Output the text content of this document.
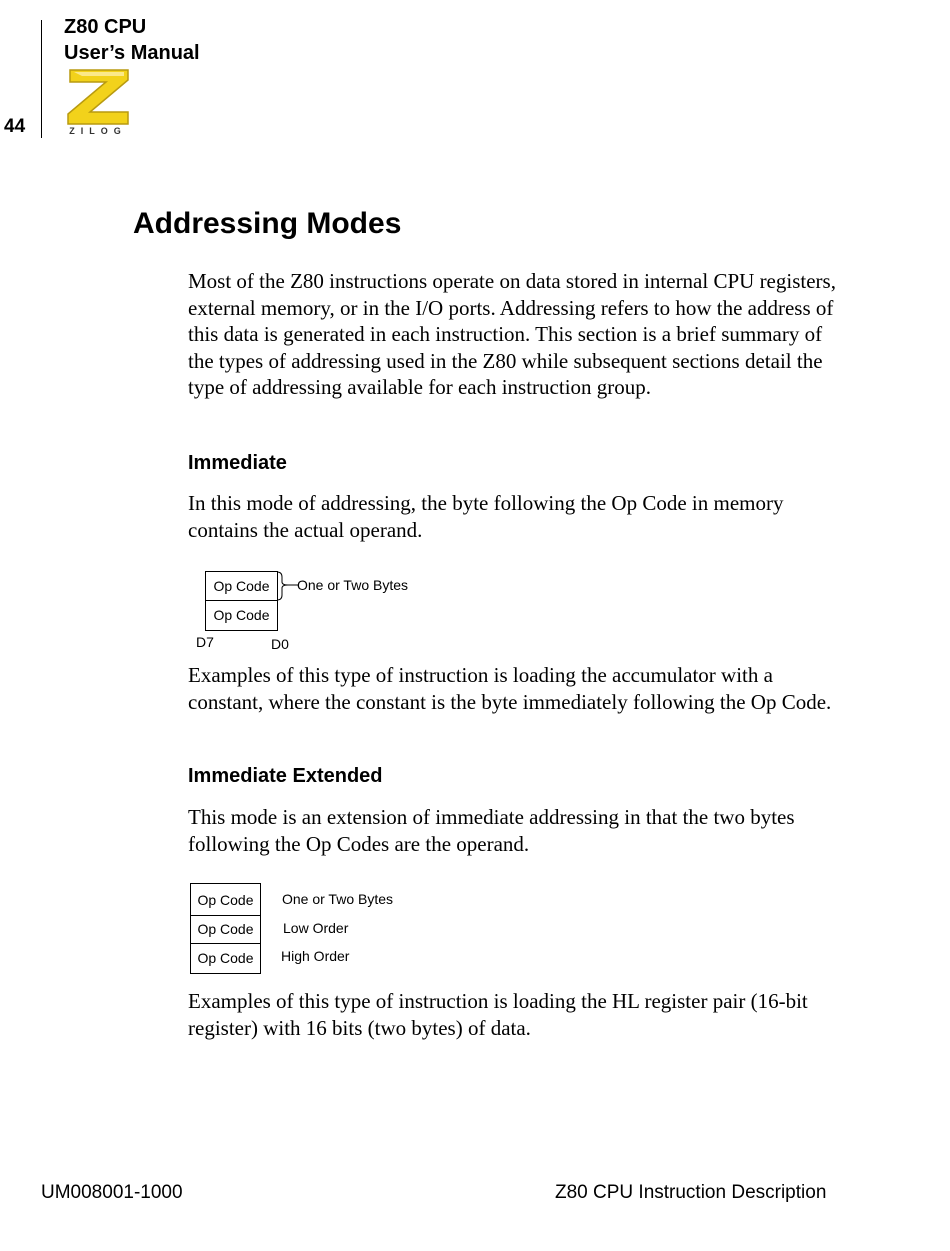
Z80 CPU
User’s Manual
44	ZILOG
Addressing Modes

Most of the Z80 instructions operate on data stored in internal CPU registers, external memory, or in the I/O ports. Addressing refers to how the address of this data is generated in each instruction. This section is a brief summary of the types of addressing used in the Z80 while subsequent sections detail the type of addressing available for each instruction group.

Immediate

In this mode of addressing, the byte following the Op Code in memory contains the actual operand.

Op Code
Op Code
One or Two Bytes
D7	D0

Examples of this type of instruction is loading the accumulator with a constant, where the constant is the byte immediately following the Op Code.

Immediate Extended

This mode is an extension of immediate addressing in that the two bytes following the Op Codes are the operand.

Op Code
Op Code
Op Code
One or Two Bytes
Low Order
High Order

Examples of this type of instruction is loading the HL register pair (16-bit register) with 16 bits (two bytes) of data.

UM008001-1000	Z80 CPU Instruction Description
